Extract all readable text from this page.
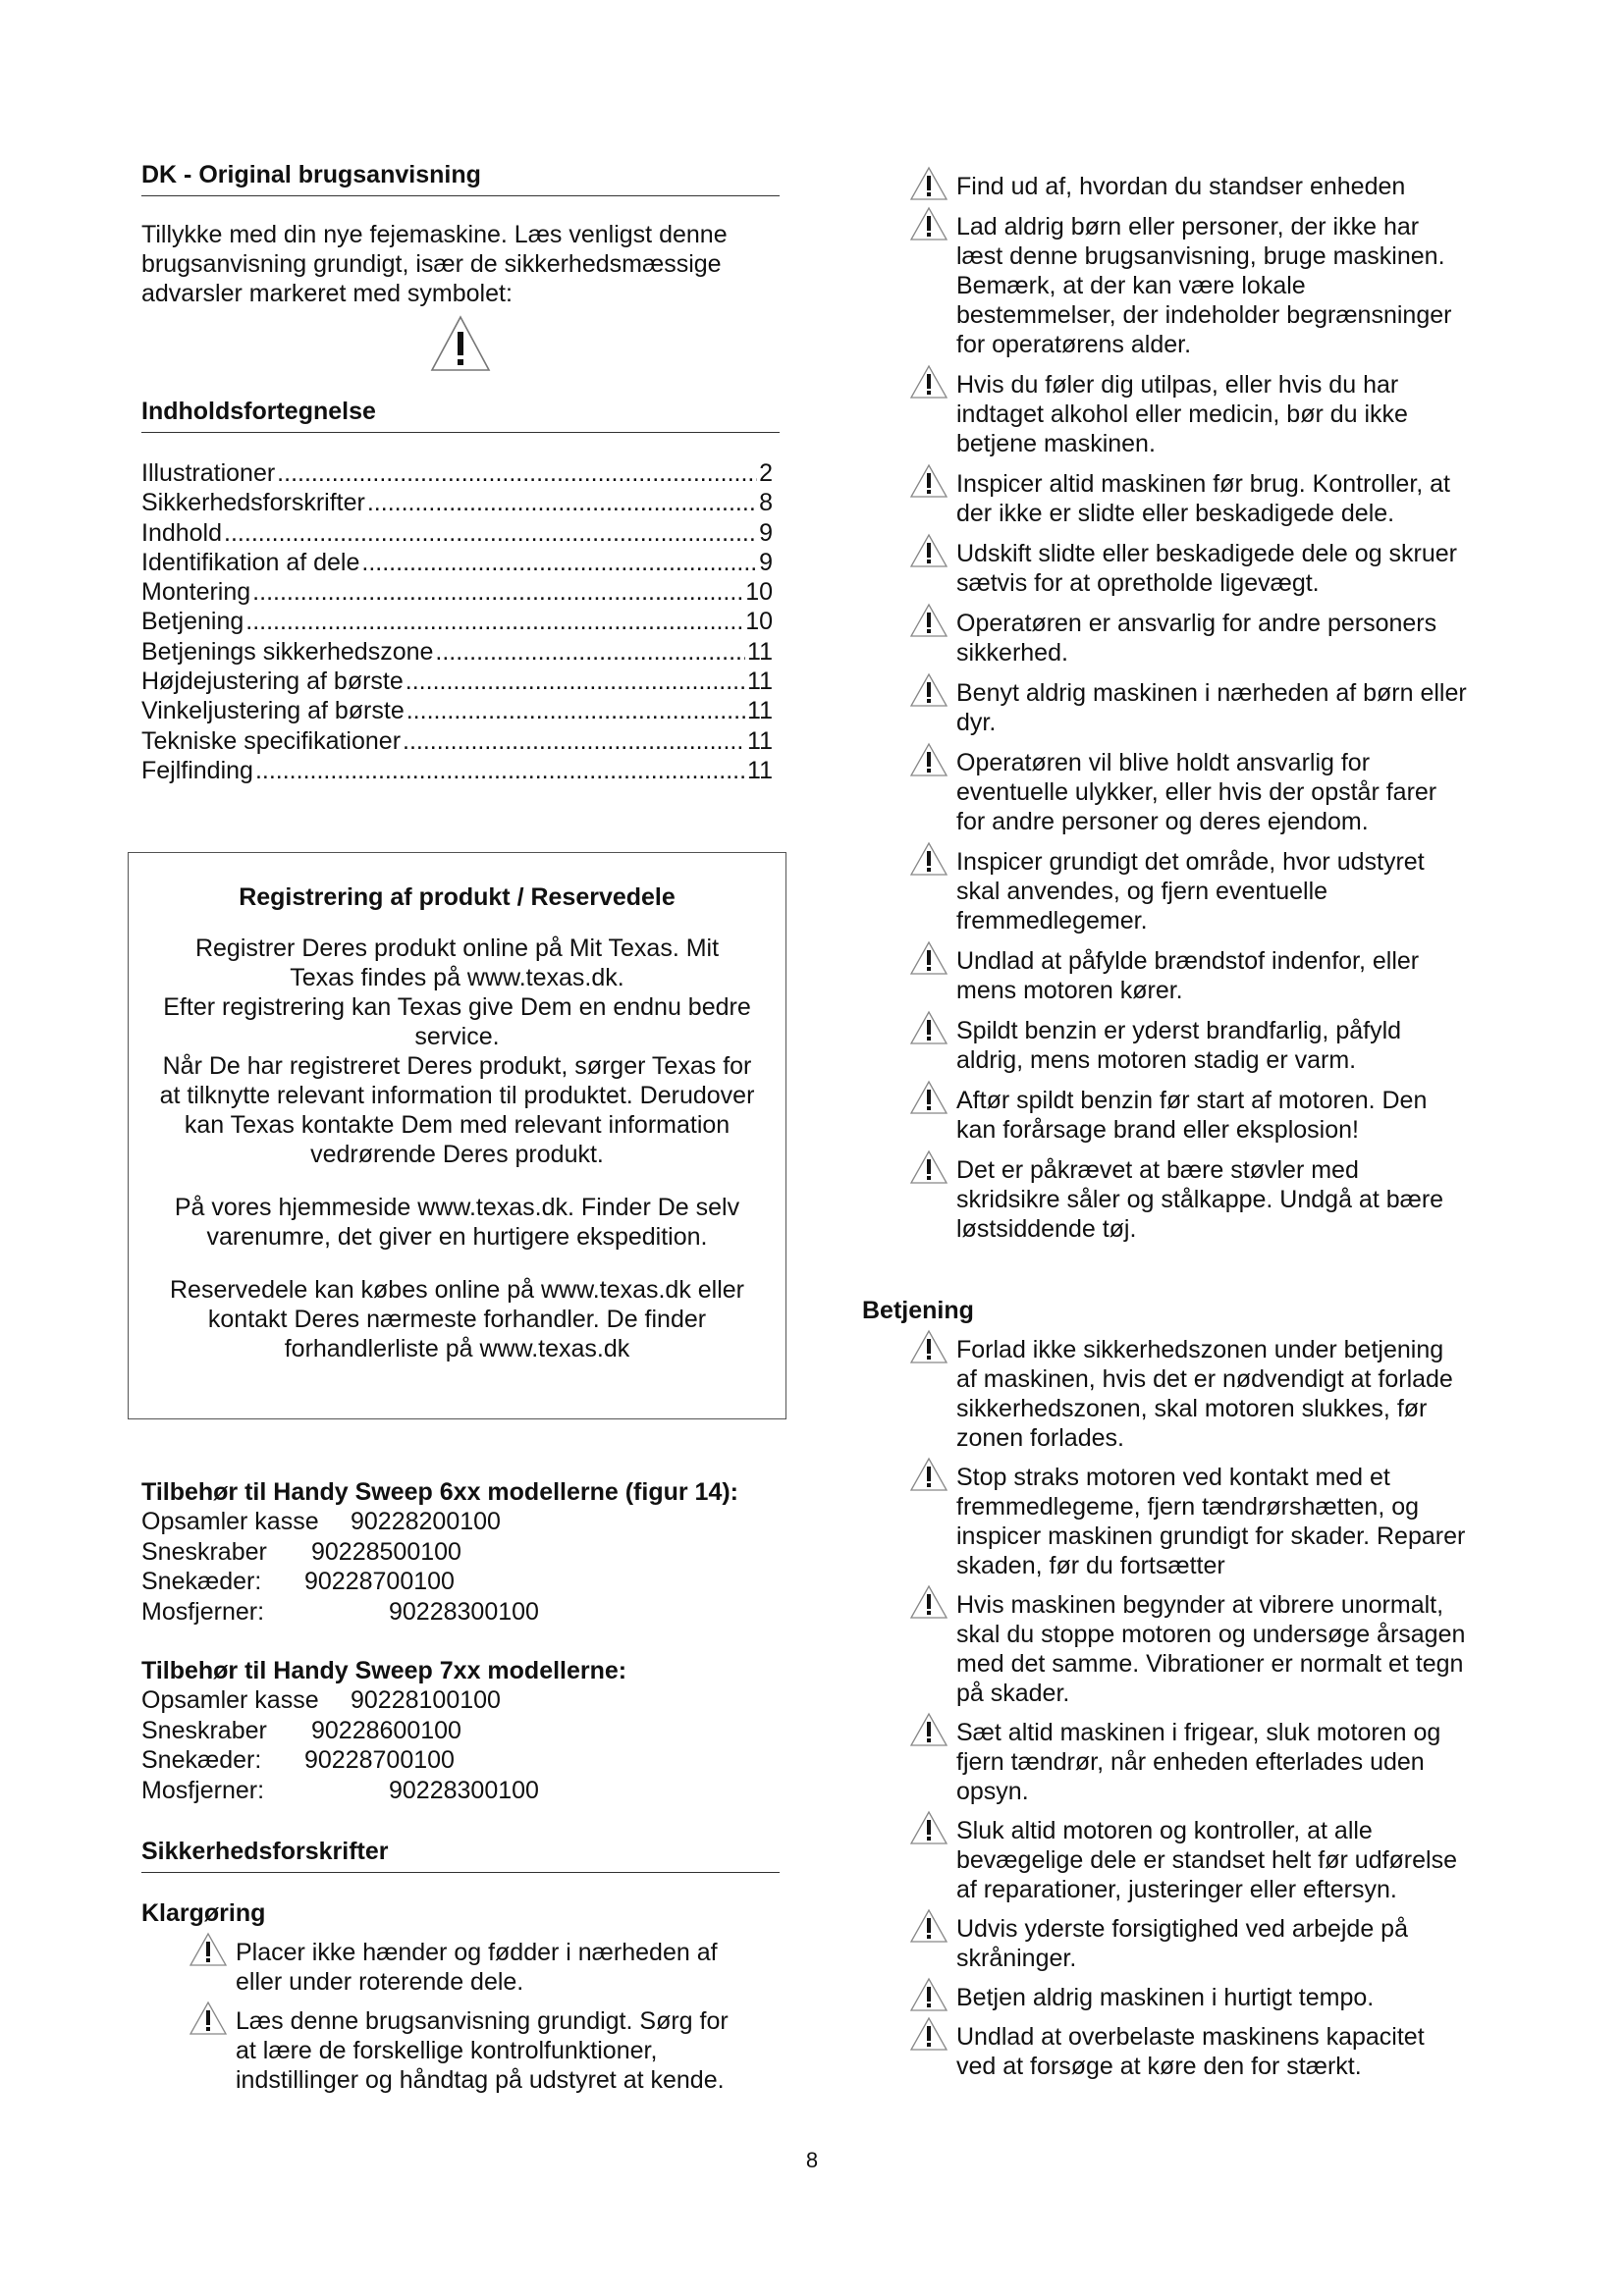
DK - Original brugsanvisning
Tillykke med din nye fejemaskine. Læs venligst denne
brugsanvisning grundigt, især de sikkerhedsmæssige
advarsler markeret med symbolet:
Indholdsfortegnelse
Illustrationer .....	2
Sikkerhedsforskrifter .....	8
Indhold .....	9
Identifikation af dele .....	9
Montering .....	10
Betjening .....	10
Betjenings sikkerhedszone .....	11
Højdejustering af børste .....	11
Vinkeljustering af børste .....	11
Tekniske specifikationer .....	11
Fejlfinding .....	11
Registrering af produkt / Reservedele
Registrer Deres produkt online på Mit Texas. Mit
Texas findes på www.texas.dk.
Efter registrering kan Texas give Dem en endnu bedre
service.
Når De har registreret Deres produkt, sørger Texas for
at tilknytte relevant information til produktet. Derudover
kan Texas kontakte Dem med relevant information
vedrørende Deres produkt.
På vores hjemmeside www.texas.dk. Finder De selv
varenumre, det giver en hurtigere ekspedition.
Reservedele kan købes online på www.texas.dk eller
kontakt Deres nærmeste forhandler. De finder
forhandlerliste på www.texas.dk
Tilbehør til Handy Sweep 6xx modellerne (figur 14):
Opsamler kasse	90228200100
Sneskraber	90228500100
Snekæder:	90228700100
Mosfjerner:	90228300100
Tilbehør til Handy Sweep 7xx modellerne:
Opsamler kasse	90228100100
Sneskraber	90228600100
Snekæder:	90228700100
Mosfjerner:	90228300100
Sikkerhedsforskrifter
Klargøring
Placer ikke hænder og fødder i nærheden af
eller under roterende dele.
Læs denne brugsanvisning grundigt. Sørg for
at lære de forskellige kontrolfunktioner,
indstillinger og håndtag på udstyret at kende.
Find ud af, hvordan du standser enheden
Lad aldrig børn eller personer, der ikke har
læst denne brugsanvisning, bruge maskinen.
Bemærk, at der kan være lokale
bestemmelser, der indeholder begrænsninger
for operatørens alder.
Hvis du føler dig utilpas, eller hvis du har
indtaget alkohol eller medicin, bør du ikke
betjene maskinen.
Inspicer altid maskinen før brug. Kontroller, at
der ikke er slidte eller beskadigede dele.
Udskift slidte eller beskadigede dele og skruer
sætvis for at opretholde ligevægt.
Operatøren er ansvarlig for andre personers
sikkerhed.
Benyt aldrig maskinen i nærheden af børn eller
dyr.
Operatøren vil blive holdt ansvarlig for
eventuelle ulykker, eller hvis der opstår farer
for andre personer og deres ejendom.
Inspicer grundigt det område, hvor udstyret
skal anvendes, og fjern eventuelle
fremmedlegemer.
Undlad at påfylde brændstof indenfor, eller
mens motoren kører.
Spildt benzin er yderst brandfarlig, påfyld
aldrig, mens motoren stadig er varm.
Aftør spildt benzin før start af motoren. Den
kan forårsage brand eller eksplosion!
Det er påkrævet at bære støvler med
skridsikre såler og stålkappe. Undgå at bære
løstsiddende tøj.
Betjening
Forlad ikke sikkerhedszonen under betjening
af maskinen, hvis det er nødvendigt at forlade
sikkerhedszonen, skal motoren slukkes, før
zonen forlades.
Stop straks motoren ved kontakt med et
fremmedlegeme, fjern tændrørshætten, og
inspicer maskinen grundigt for skader. Reparer
skaden, før du fortsætter
Hvis maskinen begynder at vibrere unormalt,
skal du stoppe motoren og undersøge årsagen
med det samme. Vibrationer er normalt et tegn
på skader.
Sæt altid maskinen i frigear, sluk motoren og
fjern tændrør, når enheden efterlades uden
opsyn.
Sluk altid motoren og kontroller, at alle
bevægelige dele er standset helt før udførelse
af reparationer, justeringer eller eftersyn.
Udvis yderste forsigtighed ved arbejde på
skråninger.
Betjen aldrig maskinen i hurtigt tempo.
Undlad at overbelaste maskinens kapacitet
ved at forsøge at køre den for stærkt.
8
